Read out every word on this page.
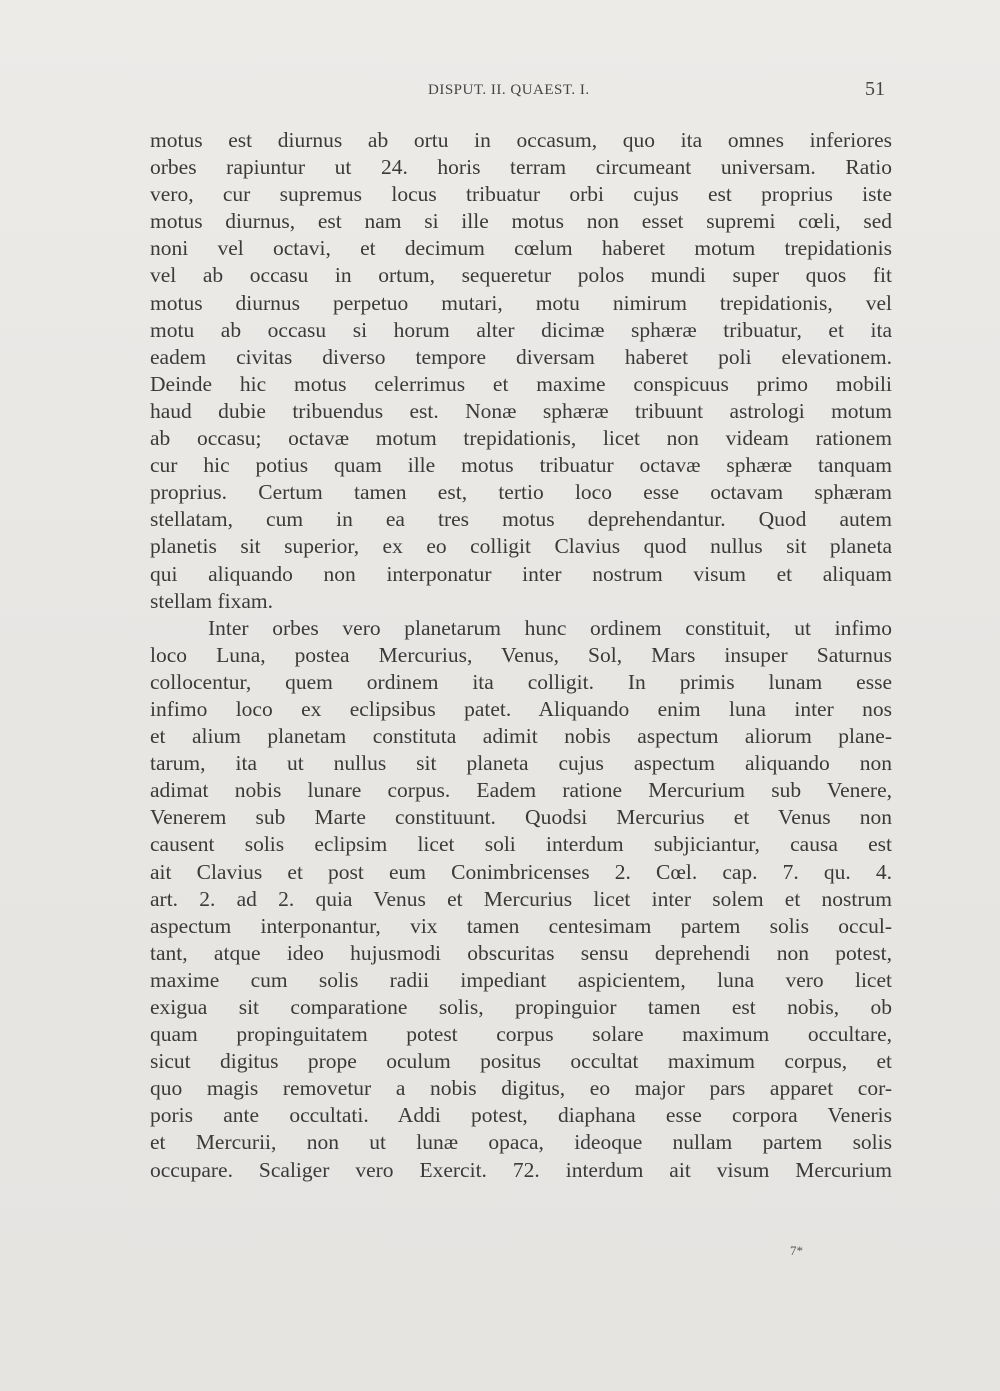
DISPUT. II. QUAEST. I.	51
motus est diurnus ab ortu in occasum, quo ita omnes inferiores
orbes rapiuntur ut 24. horis terram circumeant universam. Ratio
vero, cur supremus locus tribuatur orbi cujus est proprius iste
motus diurnus, est nam si ille motus non esset supremi cœli, sed
noni vel octavi, et decimum cœlum haberet motum trepidationis
vel ab occasu in ortum, sequeretur polos mundi super quos fit
motus diurnus perpetuo mutari, motu nimirum trepidationis, vel
motu ab occasu si horum alter dicimæ sphæræ tribuatur, et ita
eadem civitas diverso tempore diversam haberet poli elevationem.
Deinde hic motus celerrimus et maxime conspicuus primo mobili
haud dubie tribuendus est. Nonæ sphæræ tribuunt astrologi motum
ab occasu; octavæ motum trepidationis, licet non videam rationem
cur hic potius quam ille motus tribuatur octavæ sphæræ tanquam
proprius. Certum tamen est, tertio loco esse octavam sphæram
stellatam, cum in ea tres motus deprehendantur. Quod autem
planetis sit superior, ex eo colligit Clavius quod nullus sit planeta
qui aliquando non interponatur inter nostrum visum et aliquam
stellam fixam.
Inter orbes vero planetarum hunc ordinem constituit, ut infimo
loco Luna, postea Mercurius, Venus, Sol, Mars insuper Saturnus
collocentur, quem ordinem ita colligit. In primis lunam esse
infimo loco ex eclipsibus patet. Aliquando enim luna inter nos
et alium planetam constituta adimit nobis aspectum aliorum plane-
tarum, ita ut nullus sit planeta cujus aspectum aliquando non
adimat nobis lunare corpus. Eadem ratione Mercurium sub Venere,
Venerem sub Marte constituunt. Quodsi Mercurius et Venus non
causent solis eclipsim licet soli interdum subjiciantur, causa est
ait Clavius et post eum Conimbricenses 2. Cœl. cap. 7. qu. 4.
art. 2. ad 2. quia Venus et Mercurius licet inter solem et nostrum
aspectum interponantur, vix tamen centesimam partem solis occul-
tant, atque ideo hujusmodi obscuritas sensu deprehendi non potest,
maxime cum solis radii impediant aspicientem, luna vero licet
exigua sit comparatione solis, propinguior tamen est nobis, ob
quam propinguitatem potest corpus solare maximum occultare,
sicut digitus prope oculum positus occultat maximum corpus, et
quo magis removetur a nobis digitus, eo major pars apparet cor-
poris ante occultati. Addi potest, diaphana esse corpora Veneris
et Mercurii, non ut lunæ opaca, ideoque nullam partem solis
occupare. Scaliger vero Exercit. 72. interdum ait visum Mercurium
7*
